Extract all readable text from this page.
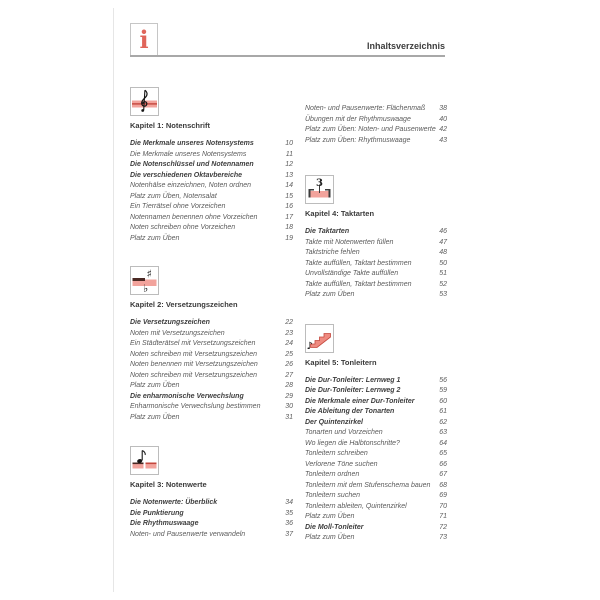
i	Inhaltsverzeichnis
Kapitel 1: Notenschrift
Die Merkmale unseres Notensystems	10
Die Merkmale unseres Notensystems	11
Die Notenschlüssel und Notennamen	12
Die verschiedenen Oktavbereiche	13
Notenhälse einzeichnen, Noten ordnen	14
Platz zum Üben, Notensalat	15
Ein Tierrätsel ohne Vorzeichen	16
Notennamen benennen ohne Vorzeichen	17
Noten schreiben ohne Vorzeichen	18
Platz zum Üben	19
♯
♭
Kapitel 2: Versetzungszeichen
Die Versetzungszeichen	22
Noten mit Versetzungszeichen	23
Ein Städterätsel mit Versetzungszeichen	24
Noten schreiben mit Versetzungszeichen	25
Noten benennen mit Versetzungszeichen	26
Noten schreiben mit Versetzungszeichen	27
Platz zum Üben	28
Die enharmonische Verwechslung	29
Enharmonische Verwechslung bestimmen	30
Platz zum Üben	31
Kapitel 3: Notenwerte
Die Notenwerte: Überblick	34
Die Punktierung	35
Die Rhythmuswaage	36
Noten- und Pausenwerte verwandeln	37
Noten- und Pausenwerte: Flächenmaß 38
Übungen mit der Rhythmuswaage	40
Platz zum Üben: Noten- und Pausenwerte 42
Platz zum Üben: Rhythmuswaage	43
3
Kapitel 4: Taktarten
Die Taktarten	46
Takte mit Notenwerten füllen	47
Taktstriche fehlen	48
Takte auffüllen, Taktart bestimmen	50
Unvollständige Takte auffüllen	51
Takte auffüllen, Taktart bestimmen	52
Platz zum Üben	53
♪
Kapitel 5: Tonleitern
Die Dur-Tonleiter: Lernweg 1	56
Die Dur-Tonleiter: Lernweg 2	59
Die Merkmale einer Dur-Tonleiter	60
Die Ableitung der Tonarten	61
Der Quintenzirkel	62
Tonarten und Vorzeichen	63
Wo liegen die Halbtonschritte?	64
Tonleitern schreiben	65
Verlorene Töne suchen	66
Tonleitern ordnen	67
Tonleitern mit dem Stufenschema bauen 68
Tonleitern suchen	69
Tonleitern ableiten, Quintenzirkel	70
Platz zum Üben	71
Die Moll-Tonleiter	72
Platz zum Üben	73
